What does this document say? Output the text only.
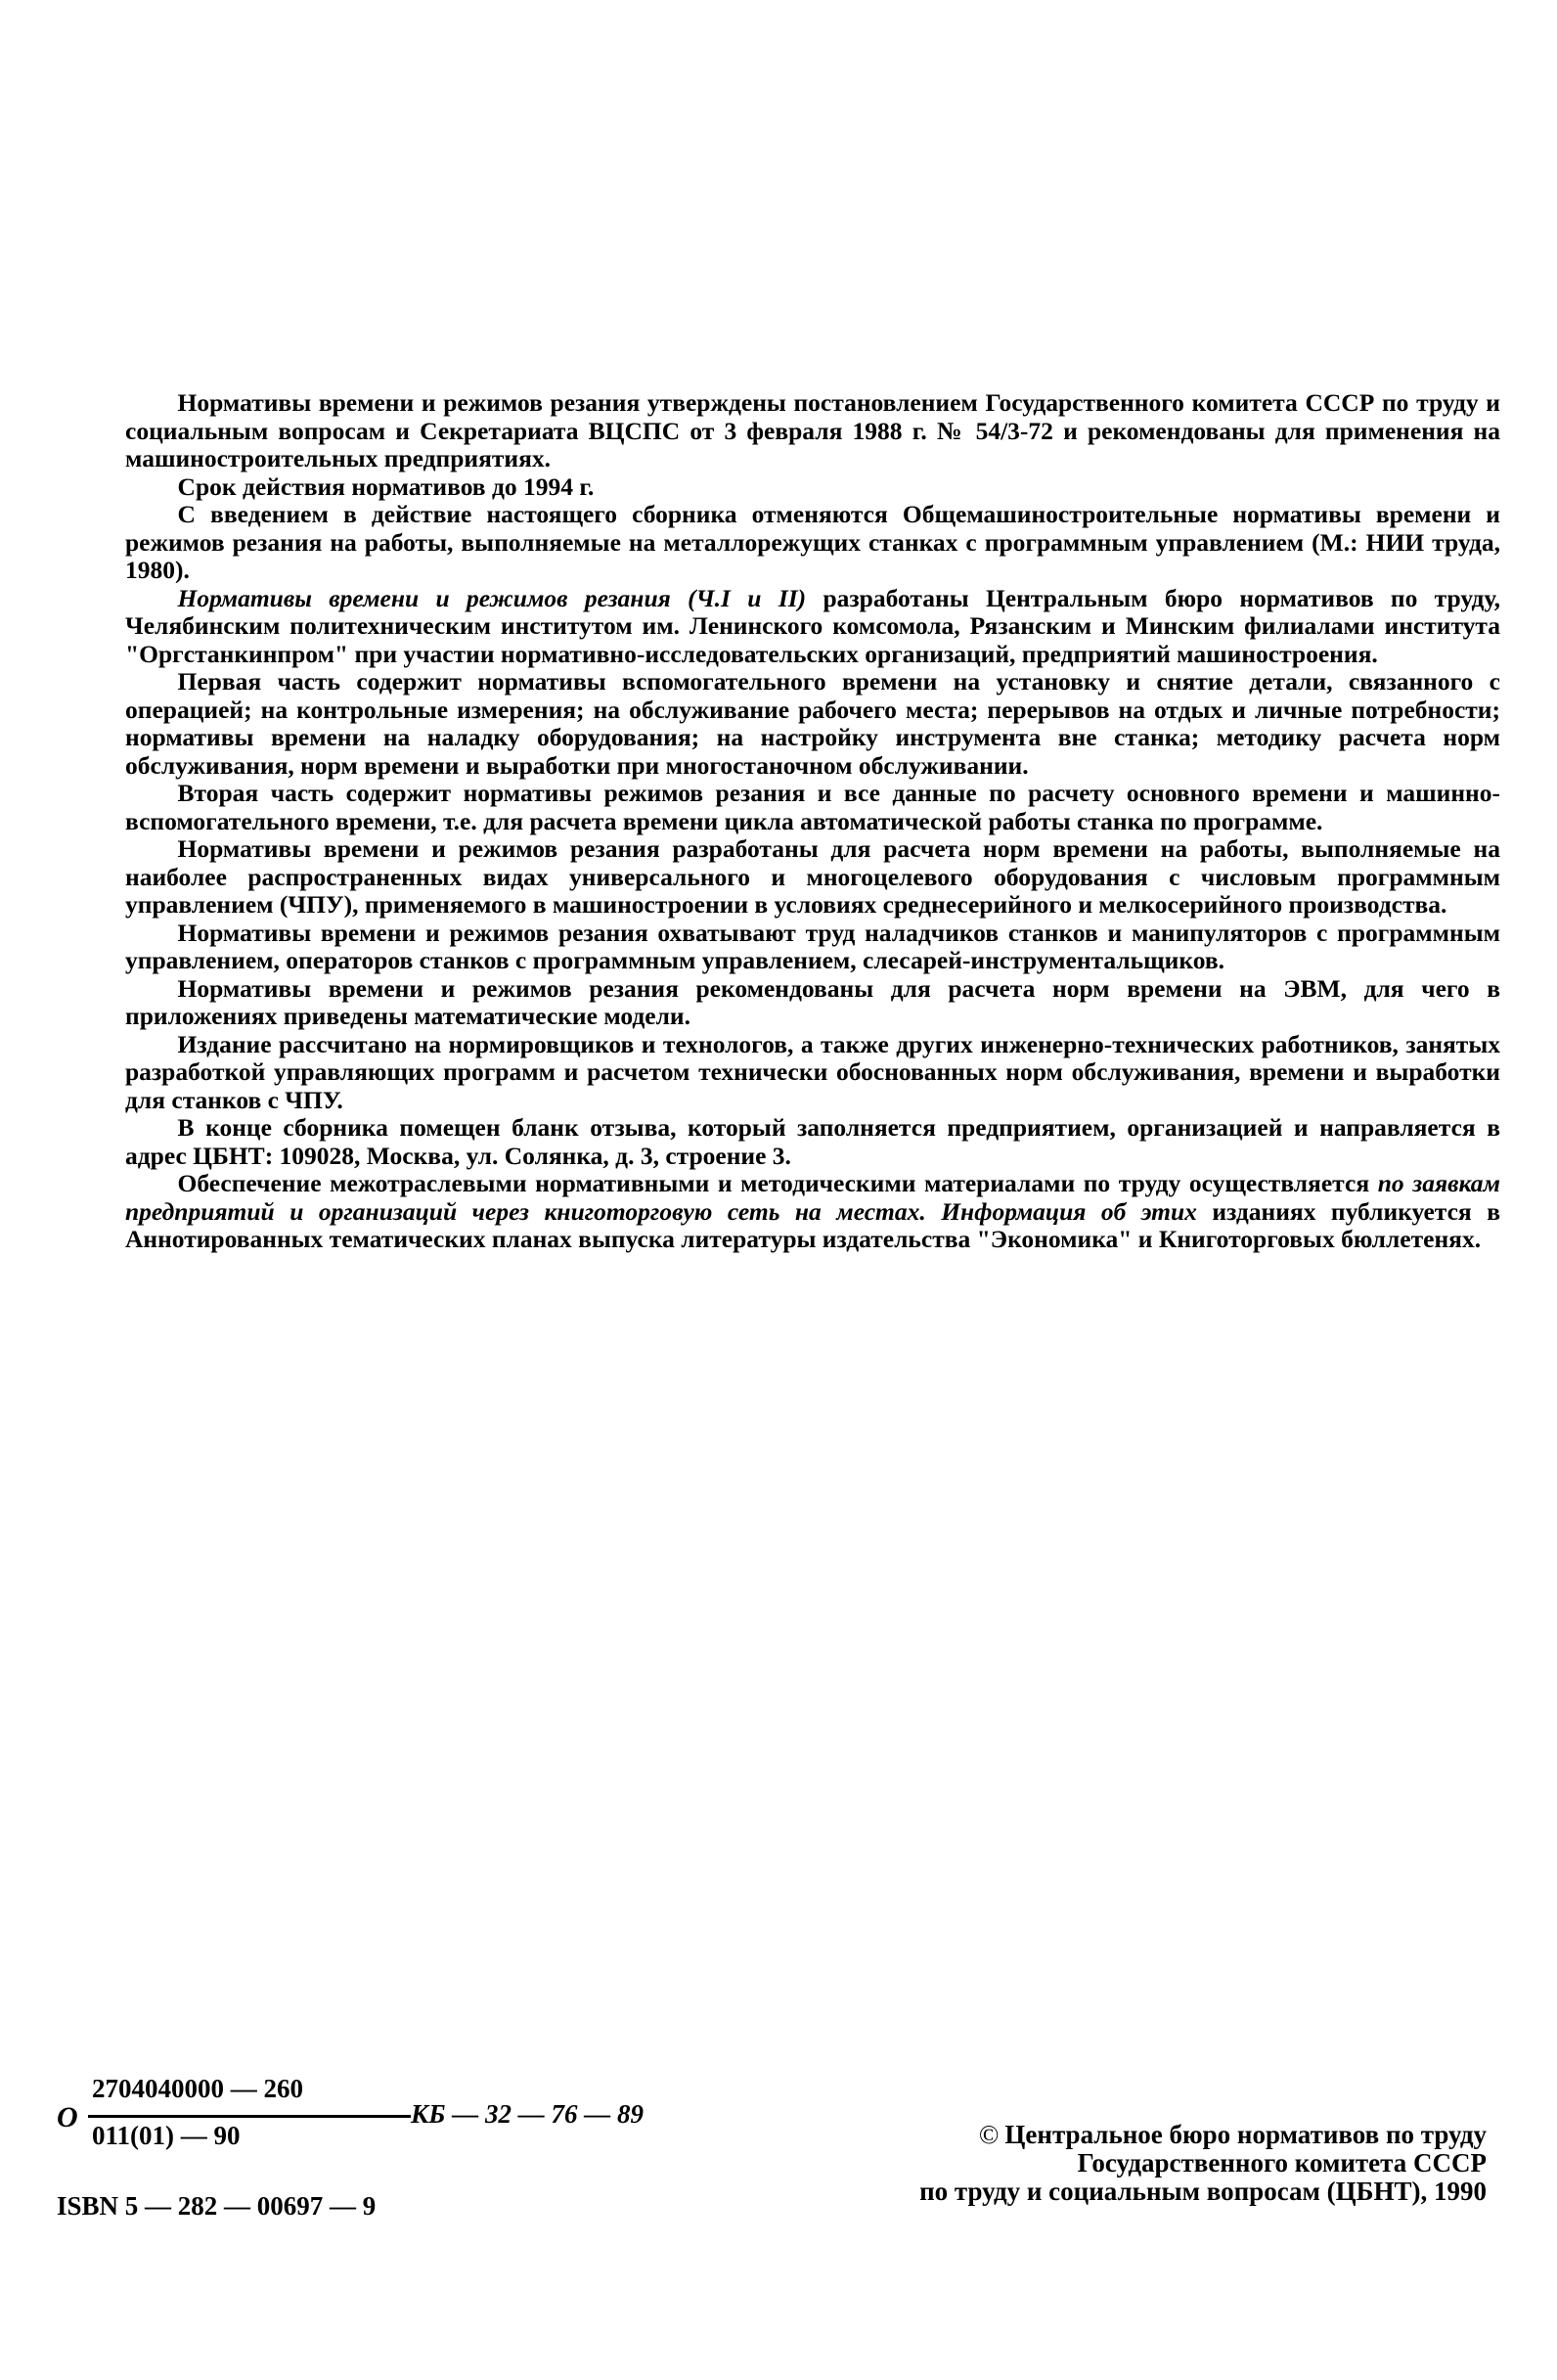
Нормативы времени и режимов резания утверждены постановлением Государственного комитета СССР по труду и социальным вопросам и Секретариата ВЦСПС от 3 февраля 1988 г. № 54/3-72 и рекомендованы для применения на машиностроительных предприятиях.

Срок действия нормативов до 1994 г.

С введением в действие настоящего сборника отменяются Общемашиностроительные нормативы времени и режимов резания на работы, выполняемые на металлорежущих станках с программным управлением (М.: НИИ труда, 1980).

Нормативы времени и режимов резания (Ч.I и II) разработаны Центральным бюро нормативов по труду, Челябинским политехническим институтом им. Ленинского комсомола, Рязанским и Минским филиалами института "Оргстанкинпром" при участии нормативно-исследовательских организаций, предприятий машиностроения.

Первая часть содержит нормативы вспомогательного времени на установку и снятие детали, связанного с операцией; на контрольные измерения; на обслуживание рабочего места; перерывов на отдых и личные потребности; нормативы времени на наладку оборудования; на настройку инструмента вне станка; методику расчета норм обслуживания, норм времени и выработки при многостаночном обслуживании.

Вторая часть содержит нормативы режимов резания и все данные по расчету основного времени и машинно-вспомогательного времени, т.е. для расчета времени цикла автоматической работы станка по программе.

Нормативы времени и режимов резания разработаны для расчета норм времени на работы, выполняемые на наиболее распространенных видах универсального и многоцелевого оборудования с числовым программным управлением (ЧПУ), применяемого в машиностроении в условиях среднесерийного и мелкосерийного производства.

Нормативы времени и режимов резания охватывают труд наладчиков станков и манипуляторов с программным управлением, операторов станков с программным управлением, слесарей-инструментальщиков.

Нормативы времени и режимов резания рекомендованы для расчета норм времени на ЭВМ, для чего в приложениях приведены математические модели.

Издание рассчитано на нормировщиков и технологов, а также других инженерно-технических работников, занятых разработкой управляющих программ и расчетом технически обоснованных норм обслуживания, времени и выработки для станков с ЧПУ.

В конце сборника помещен бланк отзыва, который заполняется предприятием, организацией и направляется в адрес ЦБНТ: 109028, Москва, ул. Солянка, д. 3, строение 3.

Обеспечение межотраслевыми нормативными и методическими материалами по труду осуществляется по заявкам предприятий и организаций через книготорговую сеть на местах. Информация об этих изданиях публикуется в Аннотированных тематических планах выпуска литературы издательства "Экономика" и Книготорговых бюллетенях.

О
2704040000 — 260
011(01) — 90
КБ — 32 — 76 — 89
ISBN 5 — 282 — 00697 — 9
© Центральное бюро нормативов по труду
Государственного комитета СССР
по труду и социальным вопросам (ЦБНТ), 1990
